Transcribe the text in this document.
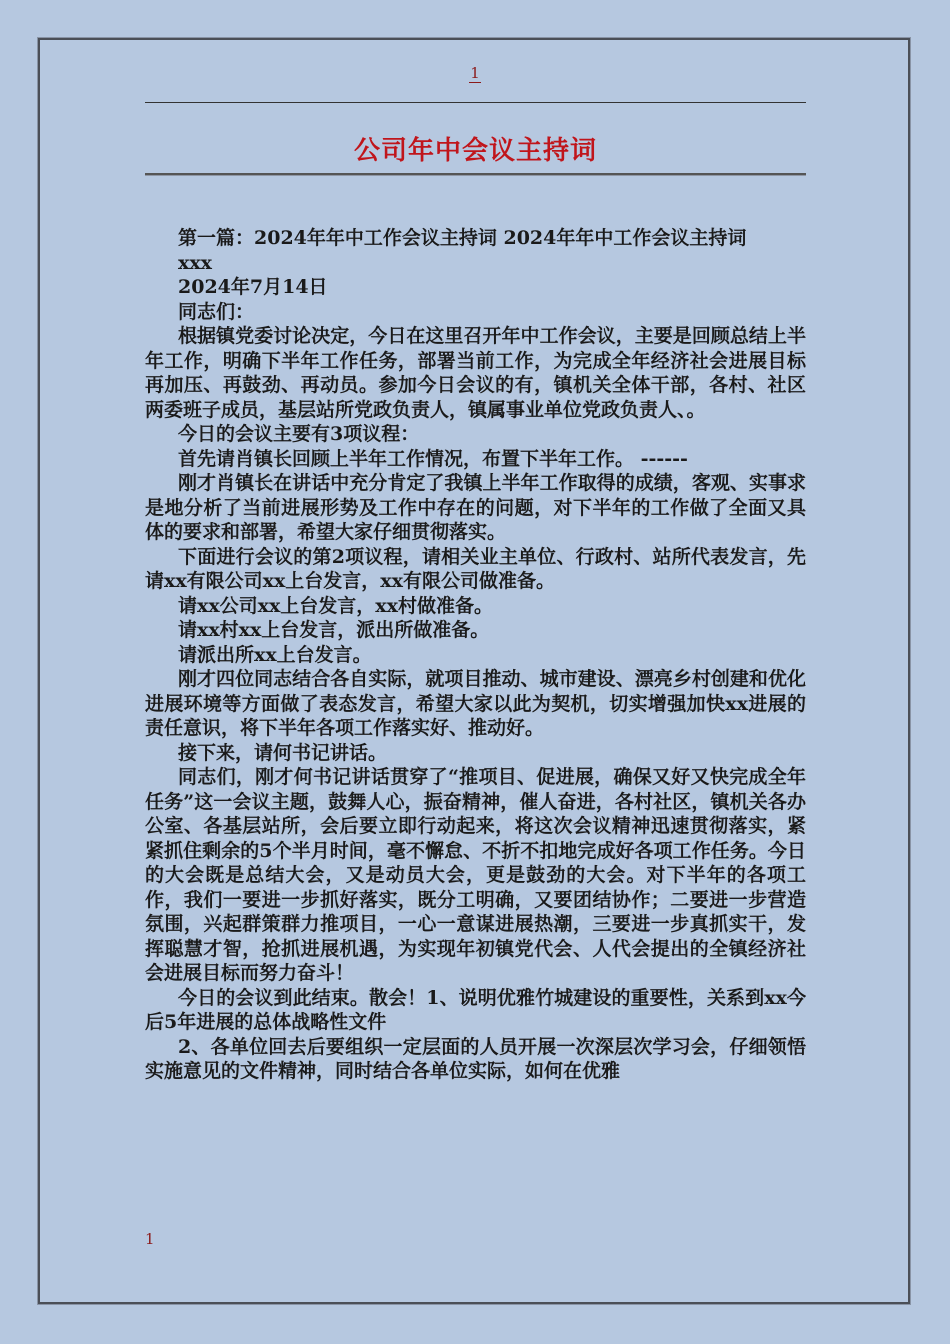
1
公司年中会议主持词

第一篇：2024年年中工作会议主持词 2024年年中工作会议主持词

xxx

2024年7月14日

同志们：

根据镇党委讨论决定，今日在这里召开年中工作会议，主要是回顾总结上半年工作，明确下半年工作任务，部署当前工作，为完成全年经济社会进展目标再加压、再鼓劲、再动员。参加今日会议的有，镇机关全体干部，各村、社区两委班子成员，基层站所党政负责人，镇属事业单位党政负责人、。

今日的会议主要有3项议程：

首先请肖镇长回顾上半年工作情况，布置下半年工作。 ------

刚才肖镇长在讲话中充分肯定了我镇上半年工作取得的成绩，客观、实事求是地分析了当前进展形势及工作中存在的问题，对下半年的工作做了全面又具体的要求和部署，希望大家仔细贯彻落实。

下面进行会议的第2项议程，请相关业主单位、行政村、站所代表发言，先请xx有限公司xx上台发言，xx有限公司做准备。

请xx公司xx上台发言，xx村做准备。

请xx村xx上台发言，派出所做准备。

请派出所xx上台发言。

刚才四位同志结合各自实际，就项目推动、城市建设、漂亮乡村创建和优化进展环境等方面做了表态发言，希望大家以此为契机，切实增强加快xx进展的责任意识，将下半年各项工作落实好、推动好。

接下来，请何书记讲话。

同志们，刚才何书记讲话贯穿了“推项目、促进展，确保又好又快完成全年任务”这一会议主题，鼓舞人心，振奋精神，催人奋进，各村社区，镇机关各办公室、各基层站所，会后要立即行动起来，将这次会议精神迅速贯彻落实，紧紧抓住剩余的5个半月时间，毫不懈怠、不折不扣地完成好各项工作任务。今日的大会既是总结大会，又是动员大会，更是鼓劲的大会。对下半年的各项工作，我们一要进一步抓好落实，既分工明确，又要团结协作；二要进一步营造氛围，兴起群策群力推项目，一心一意谋进展热潮，三要进一步真抓实干，发挥聪慧才智，抢抓进展机遇，为实现年初镇党代会、人代会提出的全镇经济社会进展目标而努力奋斗！

今日的会议到此结束。散会！1、说明优雅竹城建设的重要性，关系到xx今后5年进展的总体战略性文件

2、各单位回去后要组织一定层面的人员开展一次深层次学习会，仔细领悟实施意见的文件精神，同时结合各单位实际，如何在优雅

1
